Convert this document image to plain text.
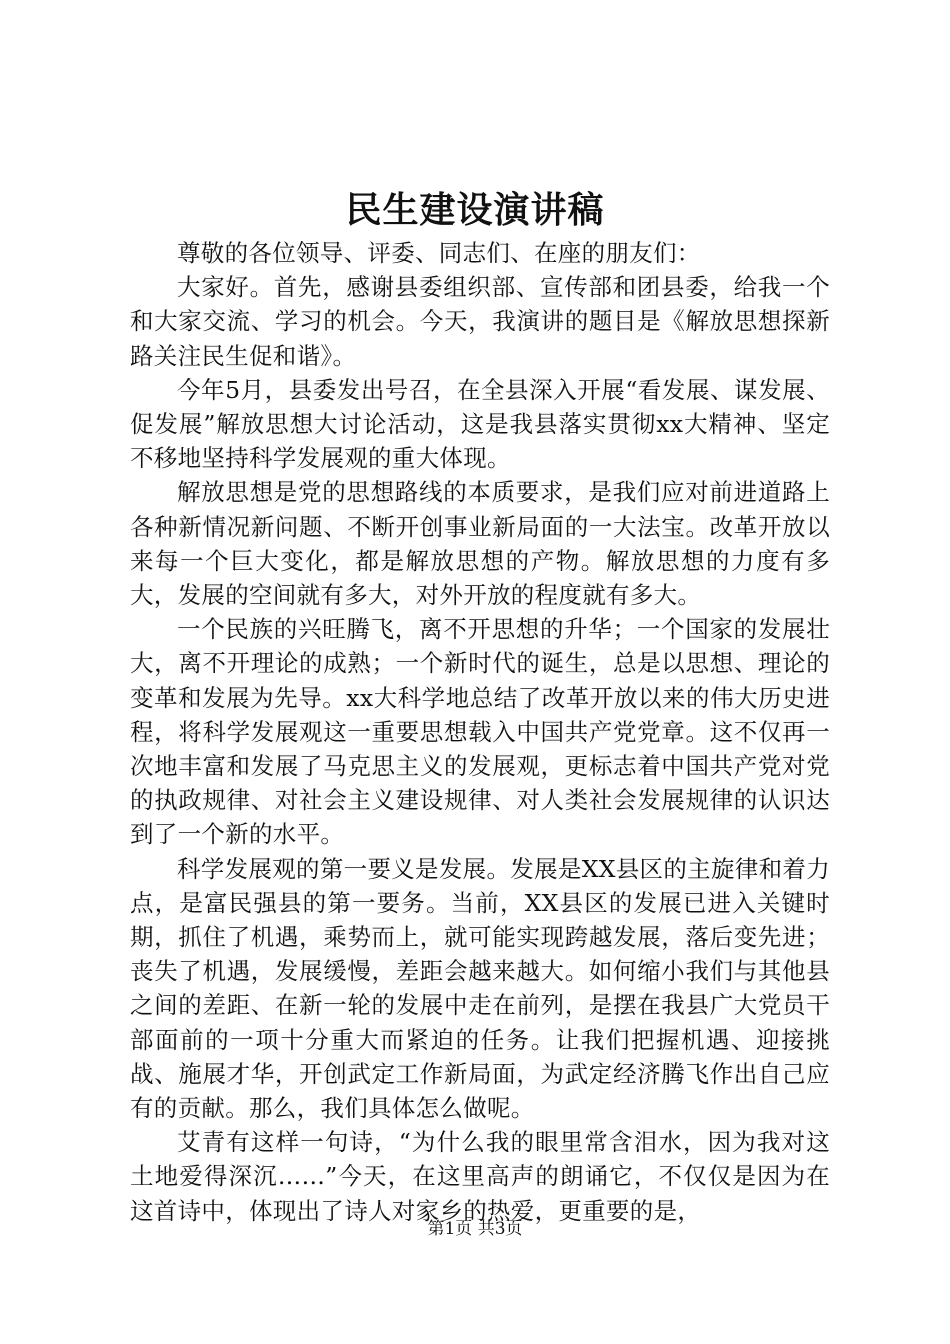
民生建设演讲稿

尊敬的各位领导、评委、同志们、在座的朋友们：

大家好。首先，感谢县委组织部、宣传部和团县委，给我一个和大家交流、学习的机会。今天，我演讲的题目是《解放思想探新路关注民生促和谐》。

今年5月，县委发出号召，在全县深入开展“看发展、谋发展、促发展”解放思想大讨论活动，这是我县落实贯彻xx大精神、坚定不移地坚持科学发展观的重大体现。

解放思想是党的思想路线的本质要求，是我们应对前进道路上各种新情况新问题、不断开创事业新局面的一大法宝。改革开放以来每一个巨大变化，都是解放思想的产物。解放思想的力度有多大，发展的空间就有多大，对外开放的程度就有多大。

一个民族的兴旺腾飞，离不开思想的升华；一个国家的发展壮大，离不开理论的成熟；一个新时代的诞生，总是以思想、理论的变革和发展为先导。xx大科学地总结了改革开放以来的伟大历史进程，将科学发展观这一重要思想载入中国共产党党章。这不仅再一次地丰富和发展了马克思主义的发展观，更标志着中国共产党对党的执政规律、对社会主义建设规律、对人类社会发展规律的认识达到了一个新的水平。

科学发展观的第一要义是发展。发展是XX县区的主旋律和着力点，是富民强县的第一要务。当前，XX县区的发展已进入关键时期，抓住了机遇，乘势而上，就可能实现跨越发展，落后变先进；丧失了机遇，发展缓慢，差距会越来越大。如何缩小我们与其他县之间的差距、在新一轮的发展中走在前列，是摆在我县广大党员干部面前的一项十分重大而紧迫的任务。让我们把握机遇、迎接挑战、施展才华，开创武定工作新局面，为武定经济腾飞作出自己应有的贡献。那么，我们具体怎么做呢。

艾青有这样一句诗，“为什么我的眼里常含泪水，因为我对这土地爱得深沉……”今天，在这里高声的朗诵它，不仅仅是因为在这首诗中，体现出了诗人对家乡的热爱，更重要的是，

第1页 共3页
